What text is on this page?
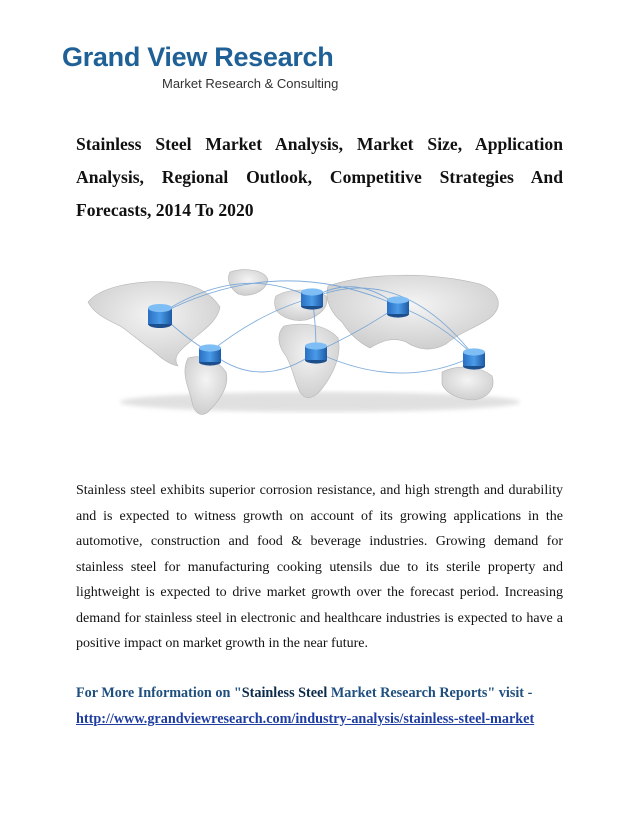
Grand View Research
Market Research & Consulting
Stainless Steel Market Analysis, Market Size, Application Analysis, Regional Outlook, Competitive Strategies And Forecasts, 2014 To 2020
Stainless steel exhibits superior corrosion resistance, and high strength and durability and is expected to witness growth on account of its growing applications in the automotive, construction and food & beverage industries. Growing demand for stainless steel for manufacturing cooking utensils due to its sterile property and lightweight is expected to drive market growth over the forecast period. Increasing demand for stainless steel in electronic and healthcare industries is expected to have a positive impact on market growth in the near future.
For More Information on "Stainless Steel Market Research Reports" visit -
http://www.grandviewresearch.com/industry-analysis/stainless-steel-market
